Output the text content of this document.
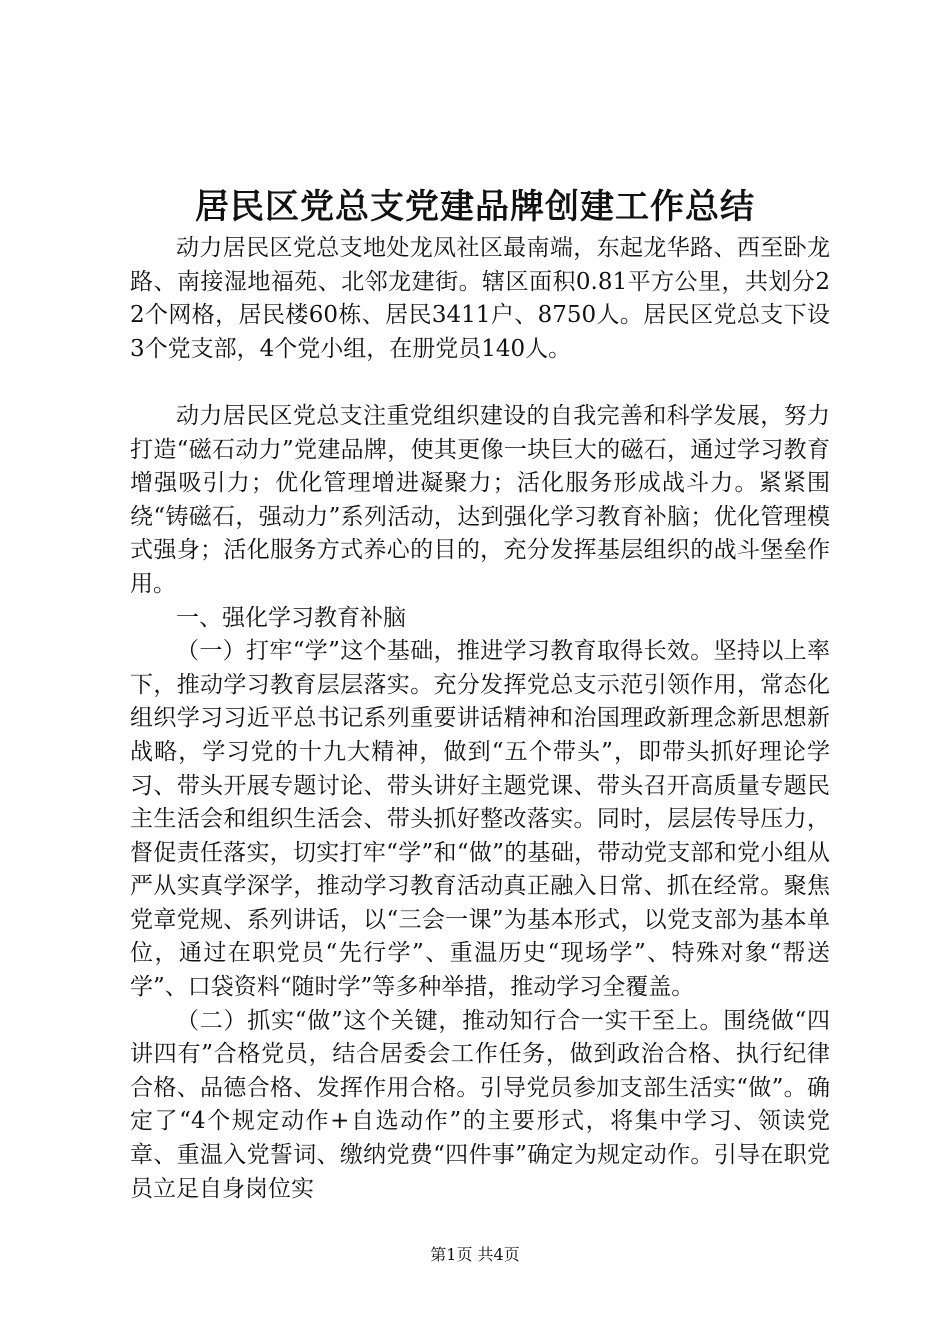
居民区党总支党建品牌创建工作总结

动力居民区党总支地处龙凤社区最南端，东起龙华路、西至卧龙路、南接湿地福苑、北邻龙建街。辖区面积0.81平方公里，共划分22个网格，居民楼60栋、居民3411户、8750人。居民区党总支下设3个党支部，4个党小组，在册党员140人。

动力居民区党总支注重党组织建设的自我完善和科学发展，努力打造“磁石动力”党建品牌，使其更像一块巨大的磁石，通过学习教育增强吸引力；优化管理增进凝聚力；活化服务形成战斗力。紧紧围绕“铸磁石，强动力”系列活动，达到强化学习教育补脑；优化管理模式强身；活化服务方式养心的目的，充分发挥基层组织的战斗堡垒作用。

一、强化学习教育补脑

（一）打牢“学”这个基础，推进学习教育取得长效。坚持以上率下，推动学习教育层层落实。充分发挥党总支示范引领作用，常态化组织学习习近平总书记系列重要讲话精神和治国理政新理念新思想新战略，学习党的十九大精神，做到“五个带头”，即带头抓好理论学习、带头开展专题讨论、带头讲好主题党课、带头召开高质量专题民主生活会和组织生活会、带头抓好整改落实。同时，层层传导压力，督促责任落实，切实打牢“学”和“做”的基础，带动党支部和党小组从严从实真学深学，推动学习教育活动真正融入日常、抓在经常。聚焦党章党规、系列讲话，以“三会一课”为基本形式，以党支部为基本单位，通过在职党员“先行学”、重温历史“现场学”、特殊对象“帮送学”、口袋资料“随时学”等多种举措，推动学习全覆盖。

（二）抓实“做”这个关键，推动知行合一实干至上。围绕做“四讲四有”合格党员，结合居委会工作任务，做到政治合格、执行纪律合格、品德合格、发挥作用合格。引导党员参加支部生活实“做”。确定了“4个规定动作+自选动作”的主要形式，将集中学习、领读党章、重温入党誓词、缴纳党费“四件事”确定为规定动作。引导在职党员立足自身岗位实

第1页 共4页
